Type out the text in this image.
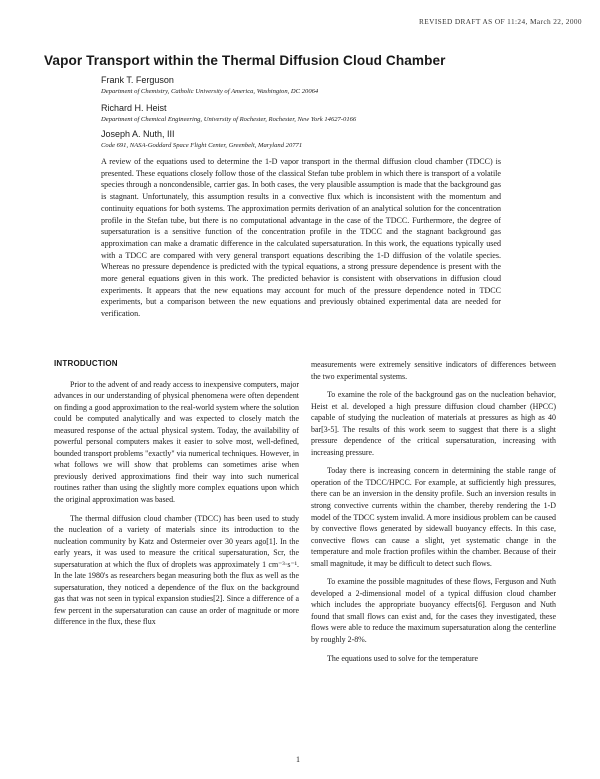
REVISED DRAFT AS OF 11:24, March 22, 2000
Vapor Transport within the Thermal Diffusion Cloud Chamber
Frank T. Ferguson
Department of Chemistry, Catholic University of America, Washington, DC 20064
Richard H. Heist
Department of Chemical Engineering, University of Rochester, Rochester, New York 14627-0166
Joseph A. Nuth, III
Code 691, NASA-Goddard Space Flight Center, Greenbelt, Maryland 20771
A review of the equations used to determine the 1-D vapor transport in the thermal diffusion cloud chamber (TDCC) is presented. These equations closely follow those of the classical Stefan tube problem in which there is transport of a volatile species through a noncondensible, carrier gas. In both cases, the very plausible assumption is made that the background gas is stagnant. Unfortunately, this assumption results in a convective flux which is inconsistent with the momentum and continuity equations for both systems. The approximation permits derivation of an analytical solution for the concentration profile in the Stefan tube, but there is no computational advantage in the case of the TDCC. Furthermore, the degree of supersaturation is a sensitive function of the concentration profile in the TDCC and the stagnant background gas approximation can make a dramatic difference in the calculated supersaturation. In this work, the equations typically used with a TDCC are compared with very general transport equations describing the 1-D diffusion of the volatile species. Whereas no pressure dependence is predicted with the typical equations, a strong pressure dependence is present with the more general equations given in this work. The predicted behavior is consistent with observations in diffusion cloud experiments. It appears that the new equations may account for much of the pressure dependence noted in TDCC experiments, but a comparison between the new equations and previously obtained experimental data are needed for verification.
INTRODUCTION

Prior to the advent of and ready access to inexpensive computers, major advances in our understanding of physical phenomena were often dependent on finding a good approximation to the real-world system where the solution could be computed analytically and was expected to closely match the measured response of the actual physical system. Today, the availability of powerful personal computers makes it easier to solve most, well-defined, bounded transport problems "exactly" via numerical techniques. However, in what follows we will show that problems can sometimes arise when previously derived approximations find their way into such numerical routines rather than using the slightly more complex equations upon which the original approximation was based.

The thermal diffusion cloud chamber (TDCC) has been used to study the nucleation of a variety of materials since its introduction to the nucleation community by Katz and Ostermeier over 30 years ago[1]. In the early years, it was used to measure the critical supersaturation, Scr, the supersaturation at which the flux of droplets was approximately 1 cm⁻³·s⁻¹. In the late 1980's as researchers began measuring both the flux as well as the supersaturation, they noticed a dependence of the flux on the background gas that was not seen in typical expansion studies[2]. Since a difference of a few percent in the supersaturation can cause an order of magnitude or more difference in the flux, these flux

measurements were extremely sensitive indicators of differences between the two experimental systems.

To examine the role of the background gas on the nucleation behavior, Heist et al. developed a high pressure diffusion cloud chamber (HPCC) capable of studying the nucleation of materials at pressures as high as 40 bar[3-5]. The results of this work seem to suggest that there is a slight pressure dependence of the critical supersaturation, increasing with increasing pressure.

Today there is increasing concern in determining the stable range of operation of the TDCC/HPCC. For example, at sufficiently high pressures, there can be an inversion in the density profile. Such an inversion results in strong convective currents within the chamber, thereby rendering the 1-D model of the TDCC system invalid. A more insidious problem can be caused by convective flows generated by sidewall buoyancy effects. In this case, convective flows can cause a slight, yet systematic change in the temperature and mole fraction profiles within the chamber. Because of their small magnitude, it may be difficult to detect such flows.

To examine the possible magnitudes of these flows, Ferguson and Nuth developed a 2-dimensional model of a typical diffusion cloud chamber which includes the appropriate buoyancy effects[6]. Ferguson and Nuth found that small flows can exist and, for the cases they investigated, these flows were able to reduce the maximum supersaturation along the centerline by roughly 2-8%.

The equations used to solve for the temperature

1
